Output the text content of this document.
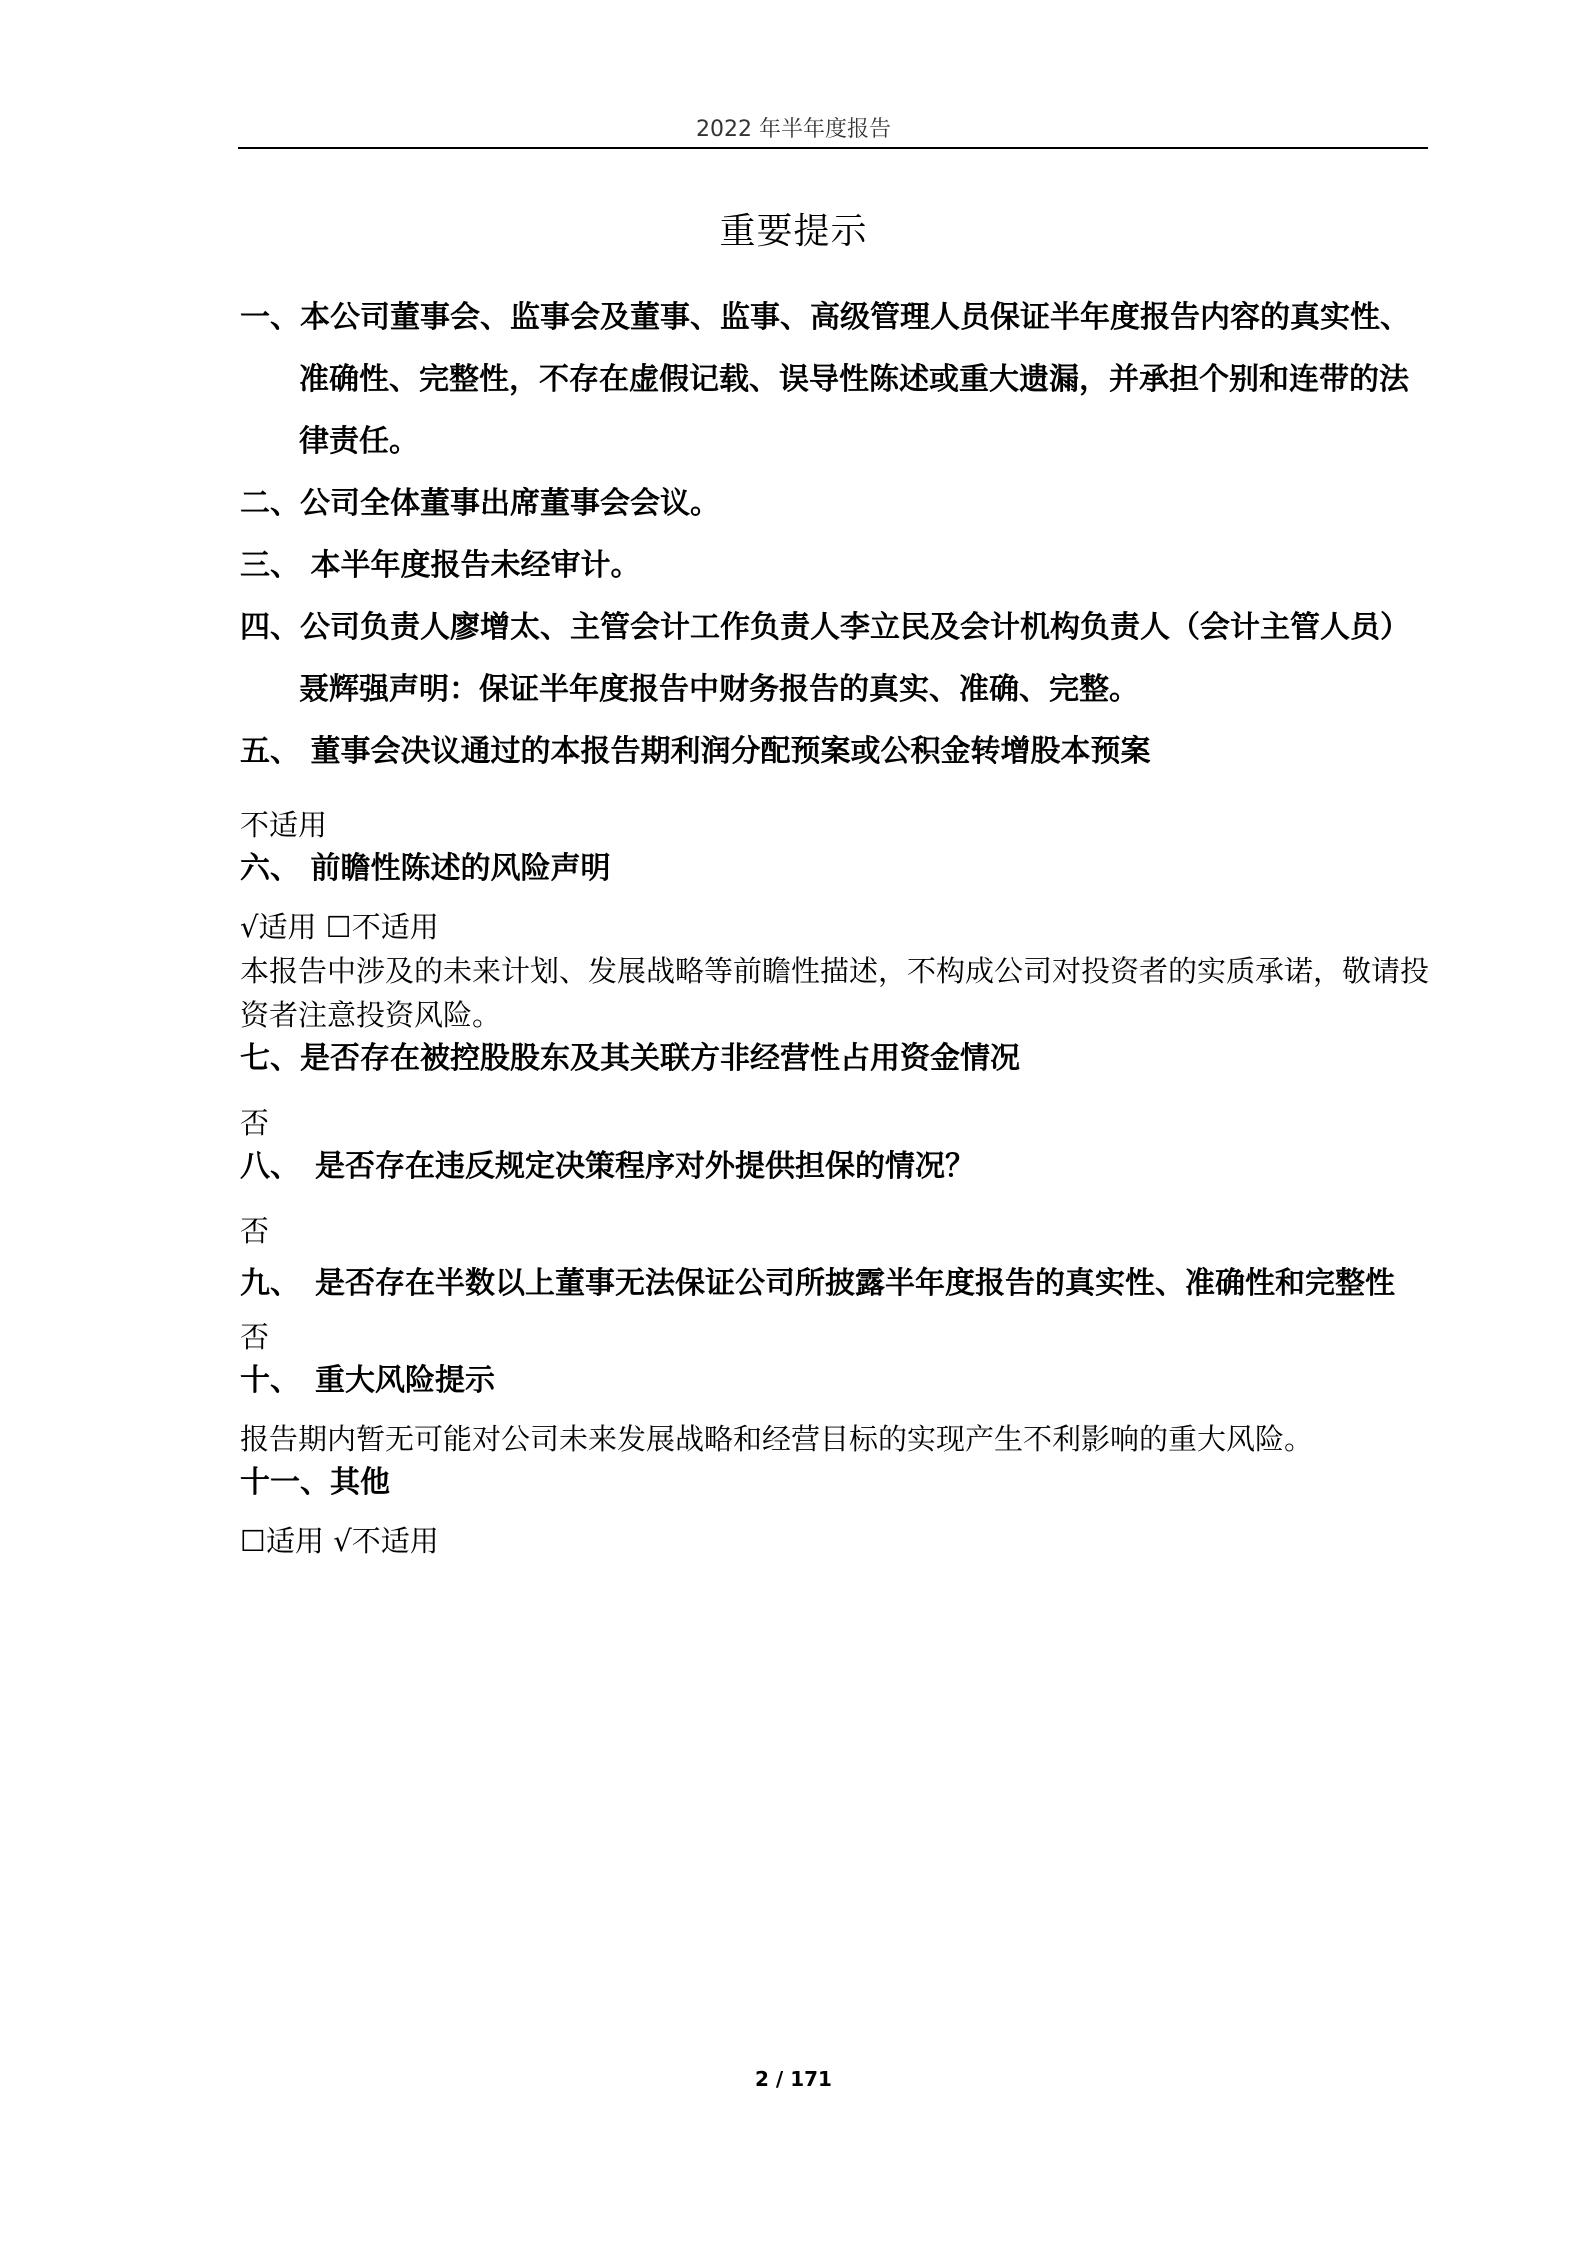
2022 年半年度报告
重要提示

一、本公司董事会、监事会及董事、监事、高级管理人员保证半年度报告内容的真实性、准确性、完整性，不存在虚假记载、误导性陈述或重大遗漏，并承担个别和连带的法律责任。

二、公司全体董事出席董事会会议。

三、 本半年度报告未经审计。

四、公司负责人廖增太、主管会计工作负责人李立民及会计机构负责人（会计主管人员）聂辉强声明：保证半年度报告中财务报告的真实、准确、完整。

五、 董事会决议通过的本报告期利润分配预案或公积金转增股本预案

不适用

六、 前瞻性陈述的风险声明

√适用 ☐不适用

本报告中涉及的未来计划、发展战略等前瞻性描述，不构成公司对投资者的实质承诺，敬请投资者注意投资风险。

七、是否存在被控股股东及其关联方非经营性占用资金情况

否

八、　是否存在违反规定决策程序对外提供担保的情况？

否

九、　是否存在半数以上董事无法保证公司所披露半年度报告的真实性、准确性和完整性

否

十、　重大风险提示

报告期内暂无可能对公司未来发展战略和经营目标的实现产生不利影响的重大风险。

十一、其他

☐适用 √不适用

2 / 171
